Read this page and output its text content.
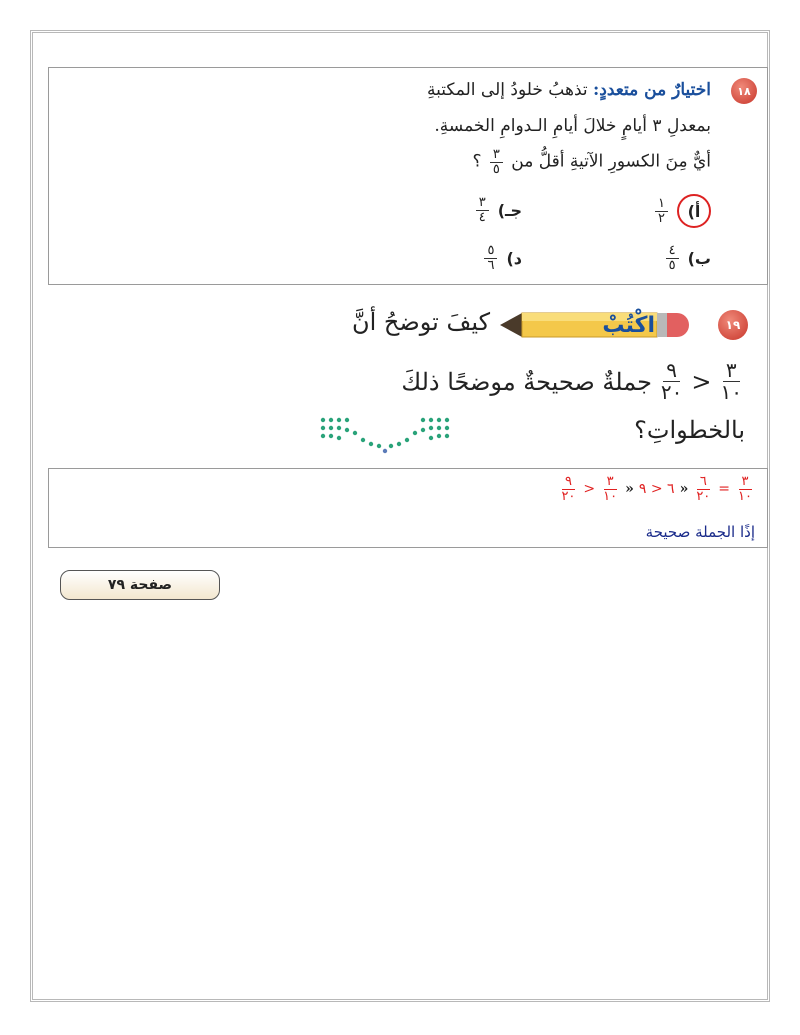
١٨
اختيارٌ من متعددٍ: تذهبُ خلودُ إلى المكتبةِ
بمعدلِ ٣ أيامٍ خلالَ أيامِ الـدوامِ الخمسةِ.
أيٌّ مِنَ الكسورِ الآتيةِ أقلُّ من
$\frac{٣}{٥}$
؟
أ)
$\frac{١}{٢}$
جـ)
$\frac{٣}{٤}$
ب)
$\frac{٤}{٥}$
د)
$\frac{٥}{٦}$
١٩
اكْتُبْ
كيفَ توضحُ أنَّ
$\frac{٣}{١٠}$
<
$\frac{٩}{٢٠}$
جملةٌ صحيحةٌ موضحًا ذلكَ
بالخطواتِ؟
$\frac{٣}{١٠}$
=
$\frac{٦}{٢٠}$
«
٦ < ٩
«
$\frac{٣}{١٠}$
<
$\frac{٩}{٢٠}$
إذًا الجملة صحيحة
صفحة ٧٩
